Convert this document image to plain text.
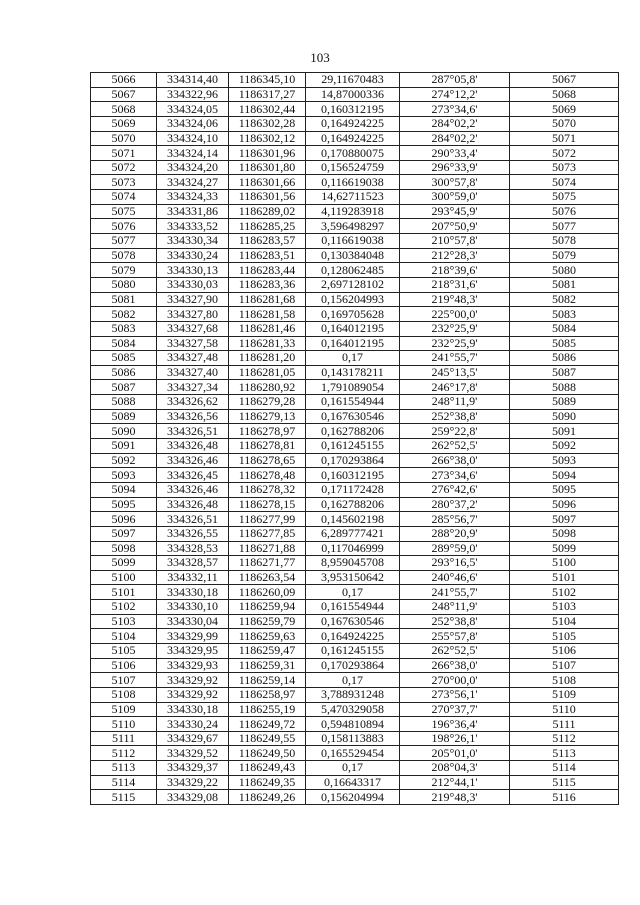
103
5066	334314,40	1186345,10	29,11670483	287°05,8'	5067
5067	334322,96	1186317,27	14,87000336	274°12,2'	5068
5068	334324,05	1186302,44	0,160312195	273°34,6'	5069
5069	334324,06	1186302,28	0,164924225	284°02,2'	5070
5070	334324,10	1186302,12	0,164924225	284°02,2'	5071
5071	334324,14	1186301,96	0,170880075	290°33,4'	5072
5072	334324,20	1186301,80	0,156524759	296°33,9'	5073
5073	334324,27	1186301,66	0,116619038	300°57,8'	5074
5074	334324,33	1186301,56	14,62711523	300°59,0'	5075
5075	334331,86	1186289,02	4,119283918	293°45,9'	5076
5076	334333,52	1186285,25	3,596498297	207°50,9'	5077
5077	334330,34	1186283,57	0,116619038	210°57,8'	5078
5078	334330,24	1186283,51	0,130384048	212°28,3'	5079
5079	334330,13	1186283,44	0,128062485	218°39,6'	5080
5080	334330,03	1186283,36	2,697128102	218°31,6'	5081
5081	334327,90	1186281,68	0,156204993	219°48,3'	5082
5082	334327,80	1186281,58	0,169705628	225°00,0'	5083
5083	334327,68	1186281,46	0,164012195	232°25,9'	5084
5084	334327,58	1186281,33	0,164012195	232°25,9'	5085
5085	334327,48	1186281,20	0,17	241°55,7'	5086
5086	334327,40	1186281,05	0,143178211	245°13,5'	5087
5087	334327,34	1186280,92	1,791089054	246°17,8'	5088
5088	334326,62	1186279,28	0,161554944	248°11,9'	5089
5089	334326,56	1186279,13	0,167630546	252°38,8'	5090
5090	334326,51	1186278,97	0,162788206	259°22,8'	5091
5091	334326,48	1186278,81	0,161245155	262°52,5'	5092
5092	334326,46	1186278,65	0,170293864	266°38,0'	5093
5093	334326,45	1186278,48	0,160312195	273°34,6'	5094
5094	334326,46	1186278,32	0,171172428	276°42,6'	5095
5095	334326,48	1186278,15	0,162788206	280°37,2'	5096
5096	334326,51	1186277,99	0,145602198	285°56,7'	5097
5097	334326,55	1186277,85	6,289777421	288°20,9'	5098
5098	334328,53	1186271,88	0,117046999	289°59,0'	5099
5099	334328,57	1186271,77	8,959045708	293°16,5'	5100
5100	334332,11	1186263,54	3,953150642	240°46,6'	5101
5101	334330,18	1186260,09	0,17	241°55,7'	5102
5102	334330,10	1186259,94	0,161554944	248°11,9'	5103
5103	334330,04	1186259,79	0,167630546	252°38,8'	5104
5104	334329,99	1186259,63	0,164924225	255°57,8'	5105
5105	334329,95	1186259,47	0,161245155	262°52,5'	5106
5106	334329,93	1186259,31	0,170293864	266°38,0'	5107
5107	334329,92	1186259,14	0,17	270°00,0'	5108
5108	334329,92	1186258,97	3,788931248	273°56,1'	5109
5109	334330,18	1186255,19	5,470329058	270°37,7'	5110
5110	334330,24	1186249,72	0,594810894	196°36,4'	5111
5111	334329,67	1186249,55	0,158113883	198°26,1'	5112
5112	334329,52	1186249,50	0,165529454	205°01,0'	5113
5113	334329,37	1186249,43	0,17	208°04,3'	5114
5114	334329,22	1186249,35	0,16643317	212°44,1'	5115
5115	334329,08	1186249,26	0,156204994	219°48,3'	5116
